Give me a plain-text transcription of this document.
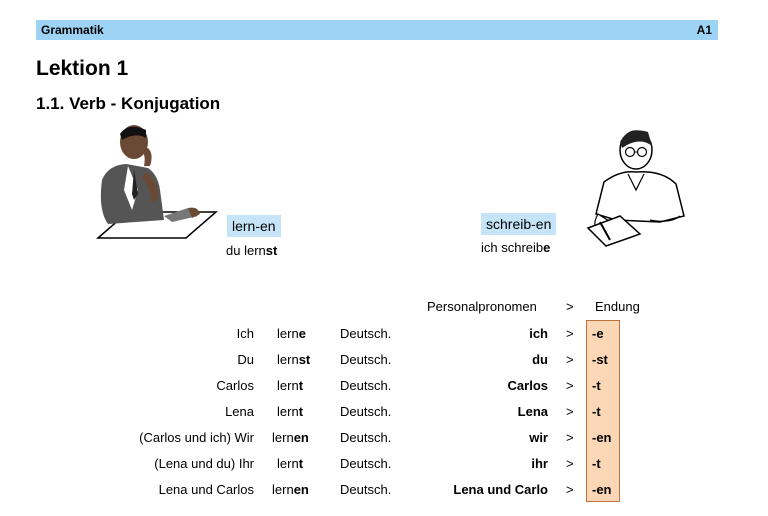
Grammatik	A1
Lektion 1
1.1. Verb - Konjugation
lern-en
du lernst
schreib-en
ich schreibe
Personalpronomen > Endung
Ich lerne	Deutsch.	ich > -e
Du lernst Deutsch.	du > -st
Carlos lernt	Deutsch.	Carlos > -t
Lena lernt	Deutsch.	Lena > -t
(Carlos und ich) Wir lernen Deutsch.	wir > -en
(Lena und du) Ihr lernt	Deutsch.	ihr > -t
Lena und Carlos lernen Deutsch.	Lena und Carlo > -en
